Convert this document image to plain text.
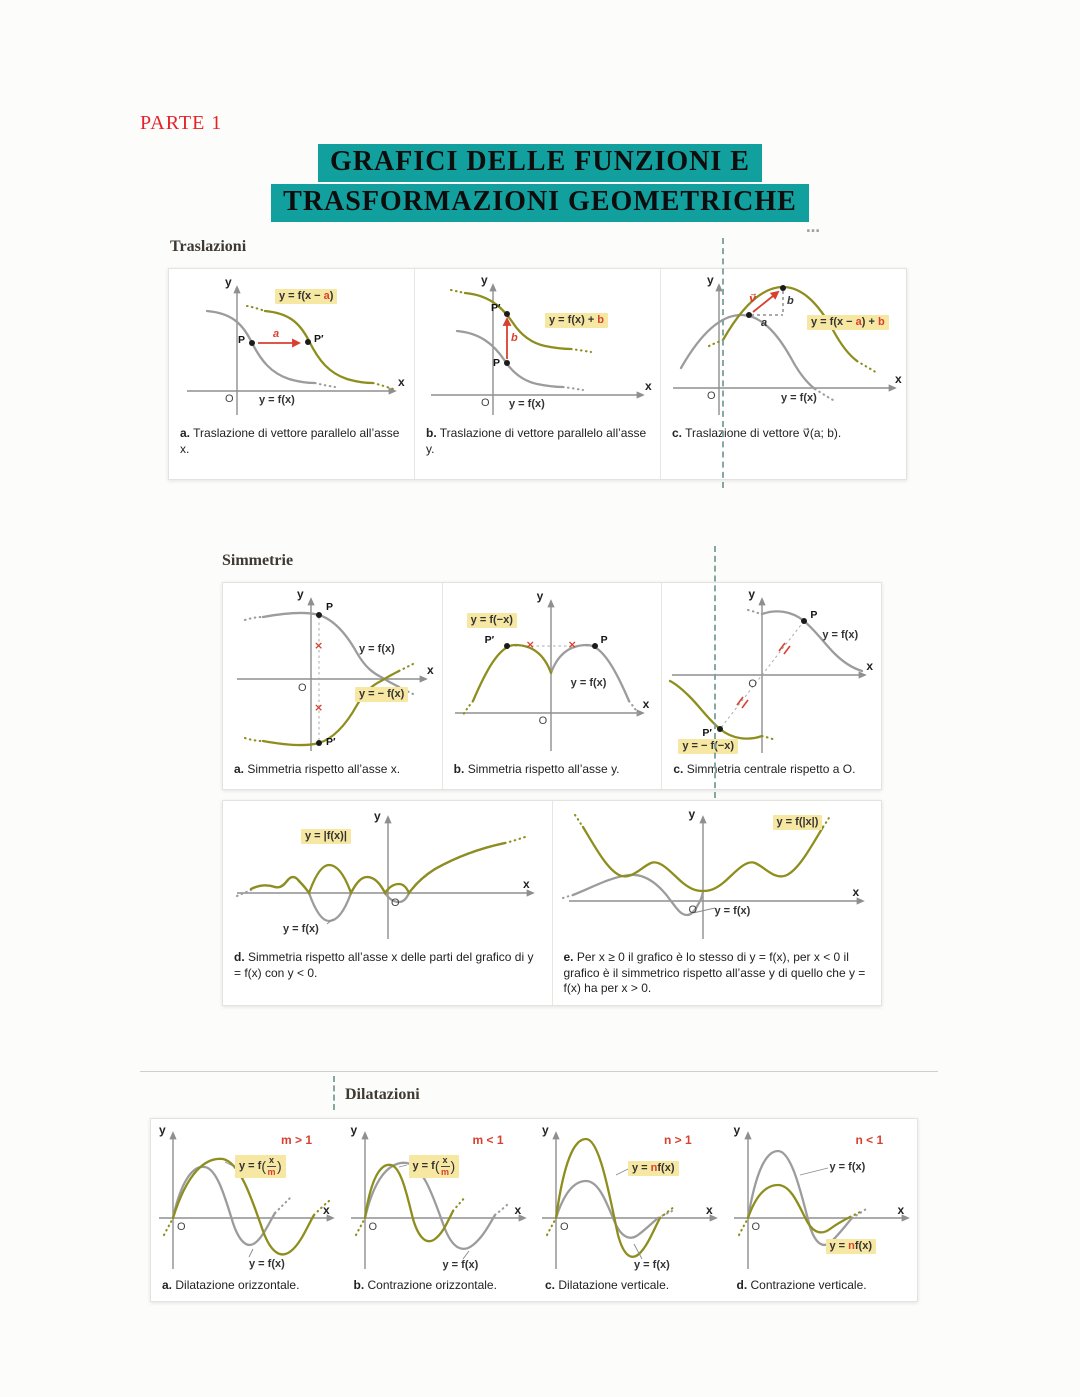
PARTE 1
GRAFICI DELLE FUNZIONI E
TRASFORMAZIONI GEOMETRICHE
…
Traslazioni
y
x
O
P	P′
a
y = f(x − a)
y = f(x)
a. Traslazione di vettore parallelo all’asse x.
y
x
O
P
P′
b
y = f(x) + b
y = f(x)
b. Traslazione di vettore parallelo all’asse y.
y
x
O
v⃗	b
a	y = f(x − a) + b
y = f(x)
c. Traslazione di vettore v⃗(a; b).
Simmetrie
y
x
O
P
P′
×
×
y = f(x)
y = − f(x)
a. Simmetria rispetto all’asse x.
y
x
O
P
P′	×	×
y = f(−x)
y = f(x)
b. Simmetria rispetto all’asse y.
y
x
O
P
P′
y = f(x)
y = − f(−x)
c. Simmetria centrale rispetto a O.
y
x
O
y = |f(x)|
y = f(x)
d. Simmetria rispetto all’asse x delle parti del grafico di y = f(x) con y < 0.
y
x
O
y = f(|x|)
y = f(x)
e. Per x ≥ 0 il grafico è lo stesso di y = f(x), per x < 0 il grafico è il simmetrico rispetto all’asse y di quello che y = f(x) ha per x > 0.
Dilatazioni
y
x
O
m > 1
y = f ( $\frac{x}{m}$ )
y = f(x)
a. Dilatazione orizzontale.
y
x
O
m < 1
y = f ( $\frac{x}{m}$ )
y = f(x)
b. Contrazione orizzontale.
y
x
O
n > 1
y = nf(x)
y = f(x)
c. Dilatazione verticale.
y
x
O
n < 1
y = f(x)
y = nf(x)
d. Contrazione verticale.
